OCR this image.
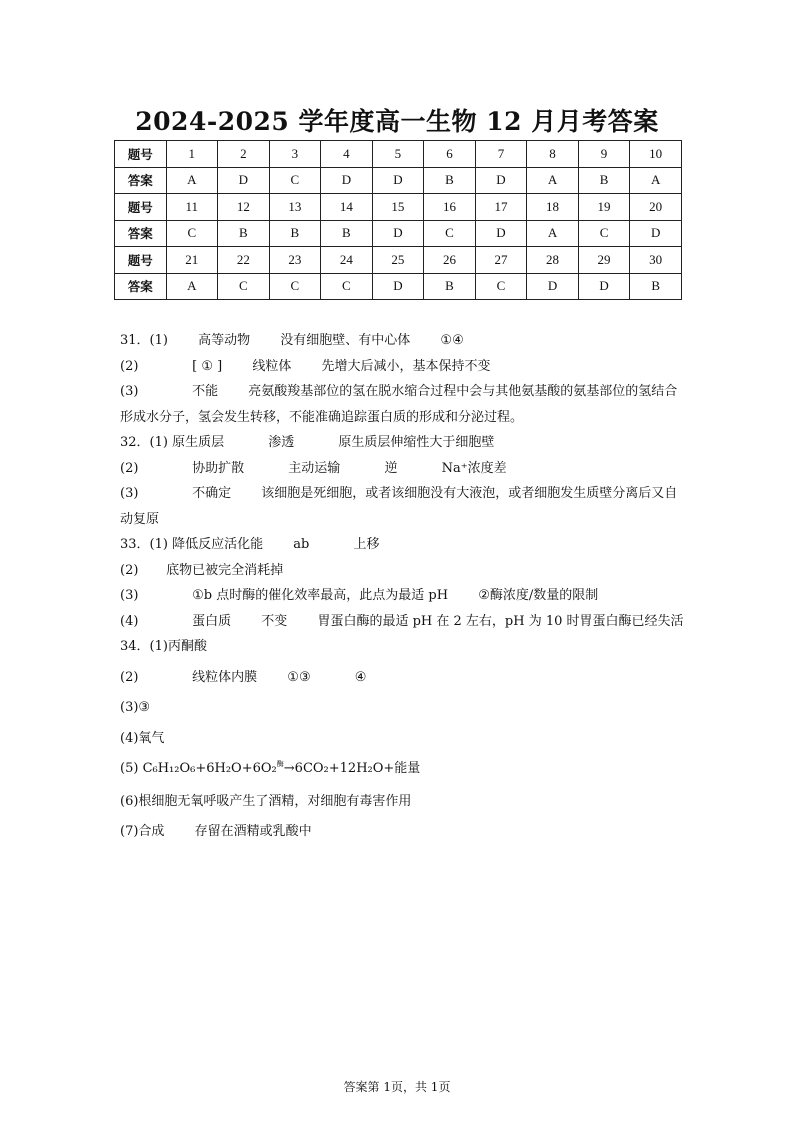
2024-2025 学年度高一生物 12 月月考答案
题号	1	2	3	4	5	6	7	8	9	10
答案	A	D	C	D	D	B	D	A	B	A
题号	11	12	13	14	15	16	17	18	19	20
答案	C	B	B	B	D	C	D	A	C	D
题号	21	22	23	24	25	26	27	28	29	30
答案	A	C	C	C	D	B	C	D	D	B
31．(1) 高等动物 没有细胞壁、有中心体 ①④
(2)	[ ① ] 线粒体 先增大后减小，基本保持不变
(3)	不能 亮氨酸羧基部位的氢在脱水缩合过程中会与其他氨基酸的氨基部位的氢结合形成水分子，氢会发生转移，不能准确追踪蛋白质的形成和分泌过程。
32．(1) 原生质层	渗透	原生质层伸缩性大于细胞壁
(2)	协助扩散	主动运输	逆	Na⁺浓度差
(3)	不确定 该细胞是死细胞，或者该细胞没有大液泡，或者细胞发生质壁分离后又自动复原
33．(1) 降低反应活化能 ab	上移
(2) 底物已被完全消耗掉
(3)	①b 点时酶的催化效率最高，此点为最适 pH ②酶浓度/数量的限制
(4)	蛋白质 不变 胃蛋白酶的最适 pH 在 2 左右，pH 为 10 时胃蛋白酶已经失活
34．(1)丙酮酸
(2)	线粒体内膜 ①③	④
(3)③
(4)氧气
(5) C₆H₁₂O₆+6H₂O+6O₂$^酶$→6CO₂+12H₂O+能量
(6)根细胞无氧呼吸产生了酒精，对细胞有毒害作用
(7)合成 存留在酒精或乳酸中
答案第 1页，共 1页
